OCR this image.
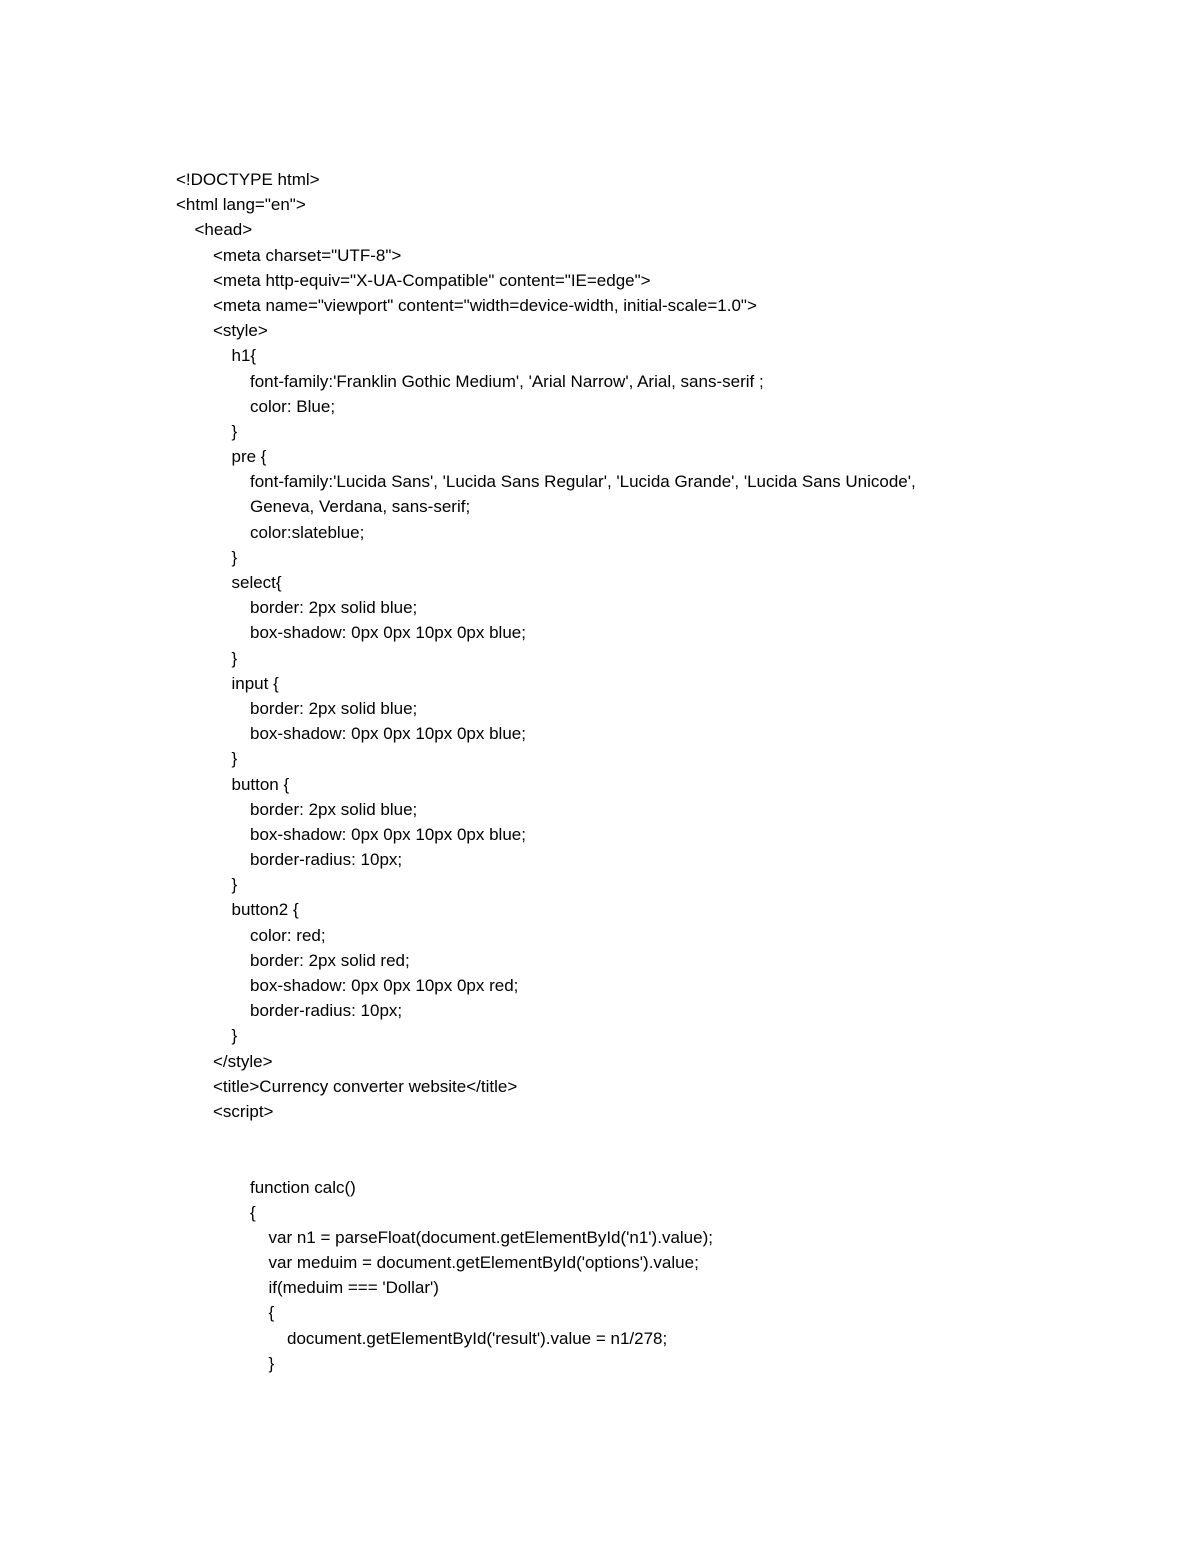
<!DOCTYPE html>
<html lang="en">
<head>
<meta charset="UTF-8">
<meta http-equiv="X-UA-Compatible" content="IE=edge">
<meta name="viewport" content="width=device-width, initial-scale=1.0">
<style>
h1{
font-family:'Franklin Gothic Medium', 'Arial Narrow', Arial, sans-serif ;
color: Blue;
}
pre {
font-family:'Lucida Sans', 'Lucida Sans Regular', 'Lucida Grande', 'Lucida Sans Unicode',
Geneva, Verdana, sans-serif;
color:slateblue;
}
select{
border: 2px solid blue;
box-shadow: 0px 0px 10px 0px blue;
}
input {
border: 2px solid blue;
box-shadow: 0px 0px 10px 0px blue;
}
button {
border: 2px solid blue;
box-shadow: 0px 0px 10px 0px blue;
border-radius: 10px;
}
button2 {
color: red;
border: 2px solid red;
box-shadow: 0px 0px 10px 0px red;
border-radius: 10px;
}
</style>
<title>Currency converter website</title>
<script>
function calc()
{
var n1 = parseFloat(document.getElementById('n1').value);
var meduim = document.getElementById('options').value;
if(meduim === 'Dollar')
{
document.getElementById('result').value = n1/278;
}
